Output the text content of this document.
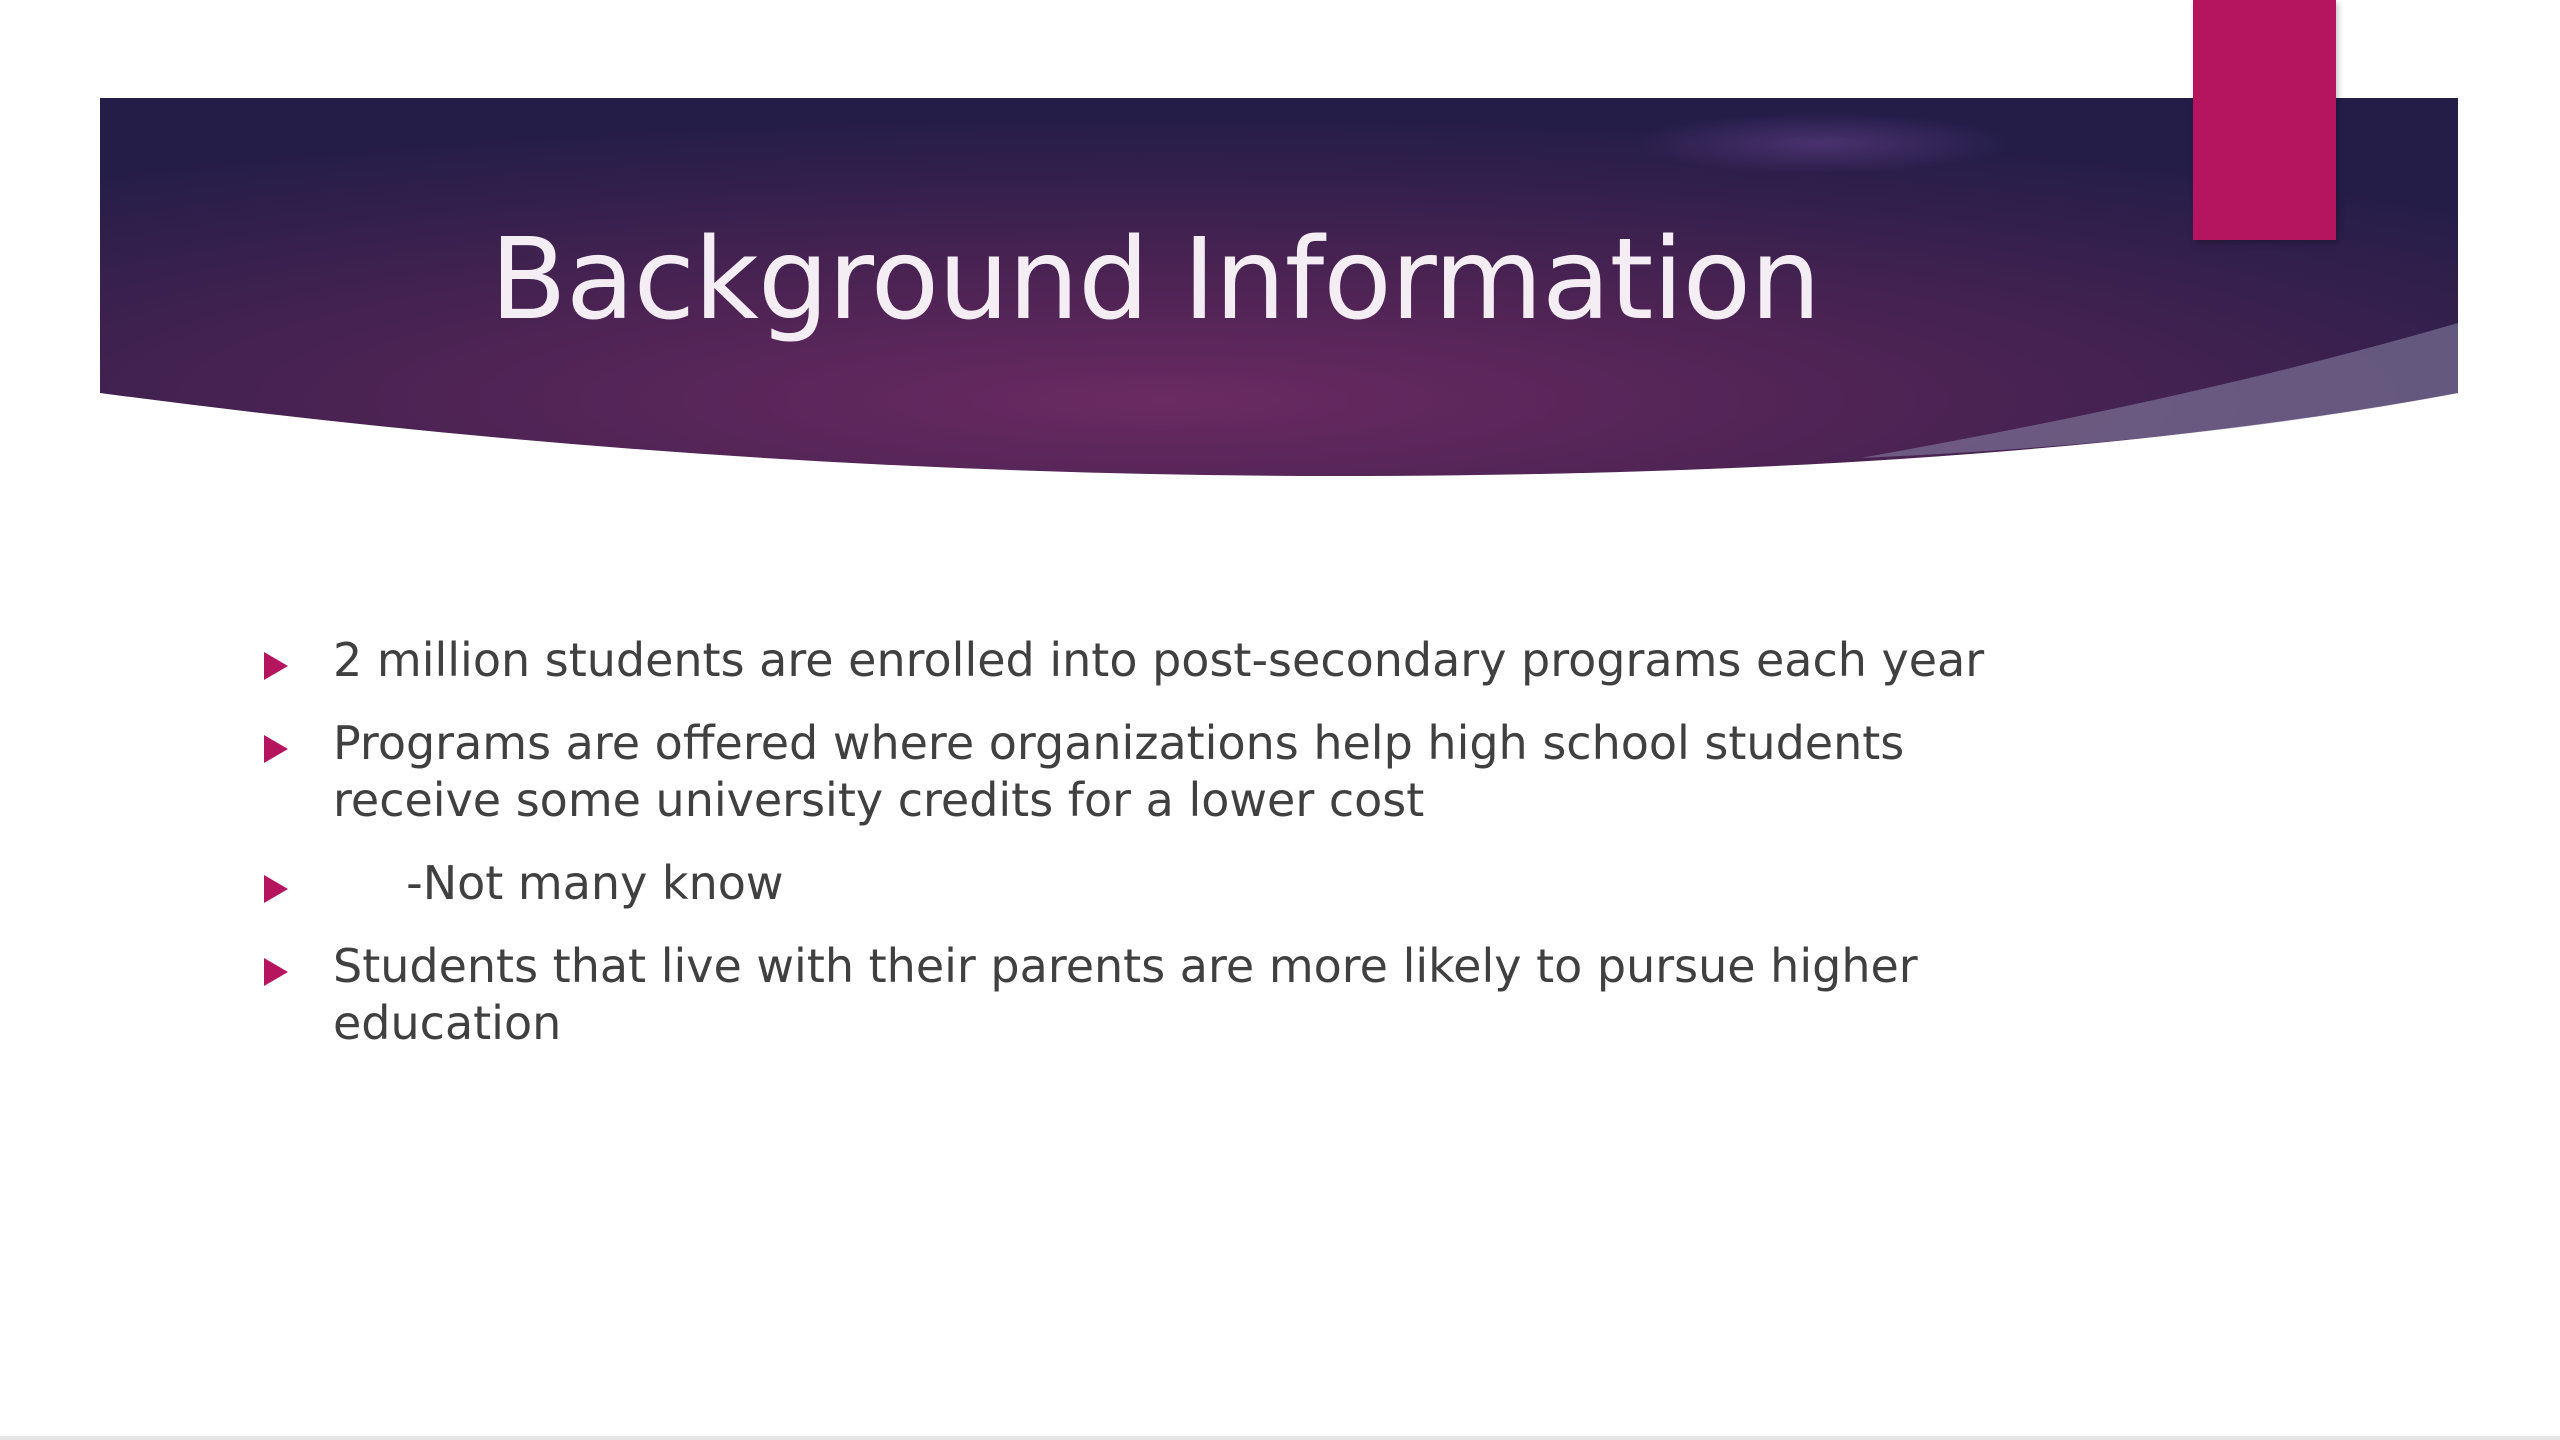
Background Information
2 million students are enrolled into post-secondary programs each year
Programs are offered where organizations help high school students receive some university credits for a lower cost
-Not many know
Students that live with their parents are more likely to pursue higher education
